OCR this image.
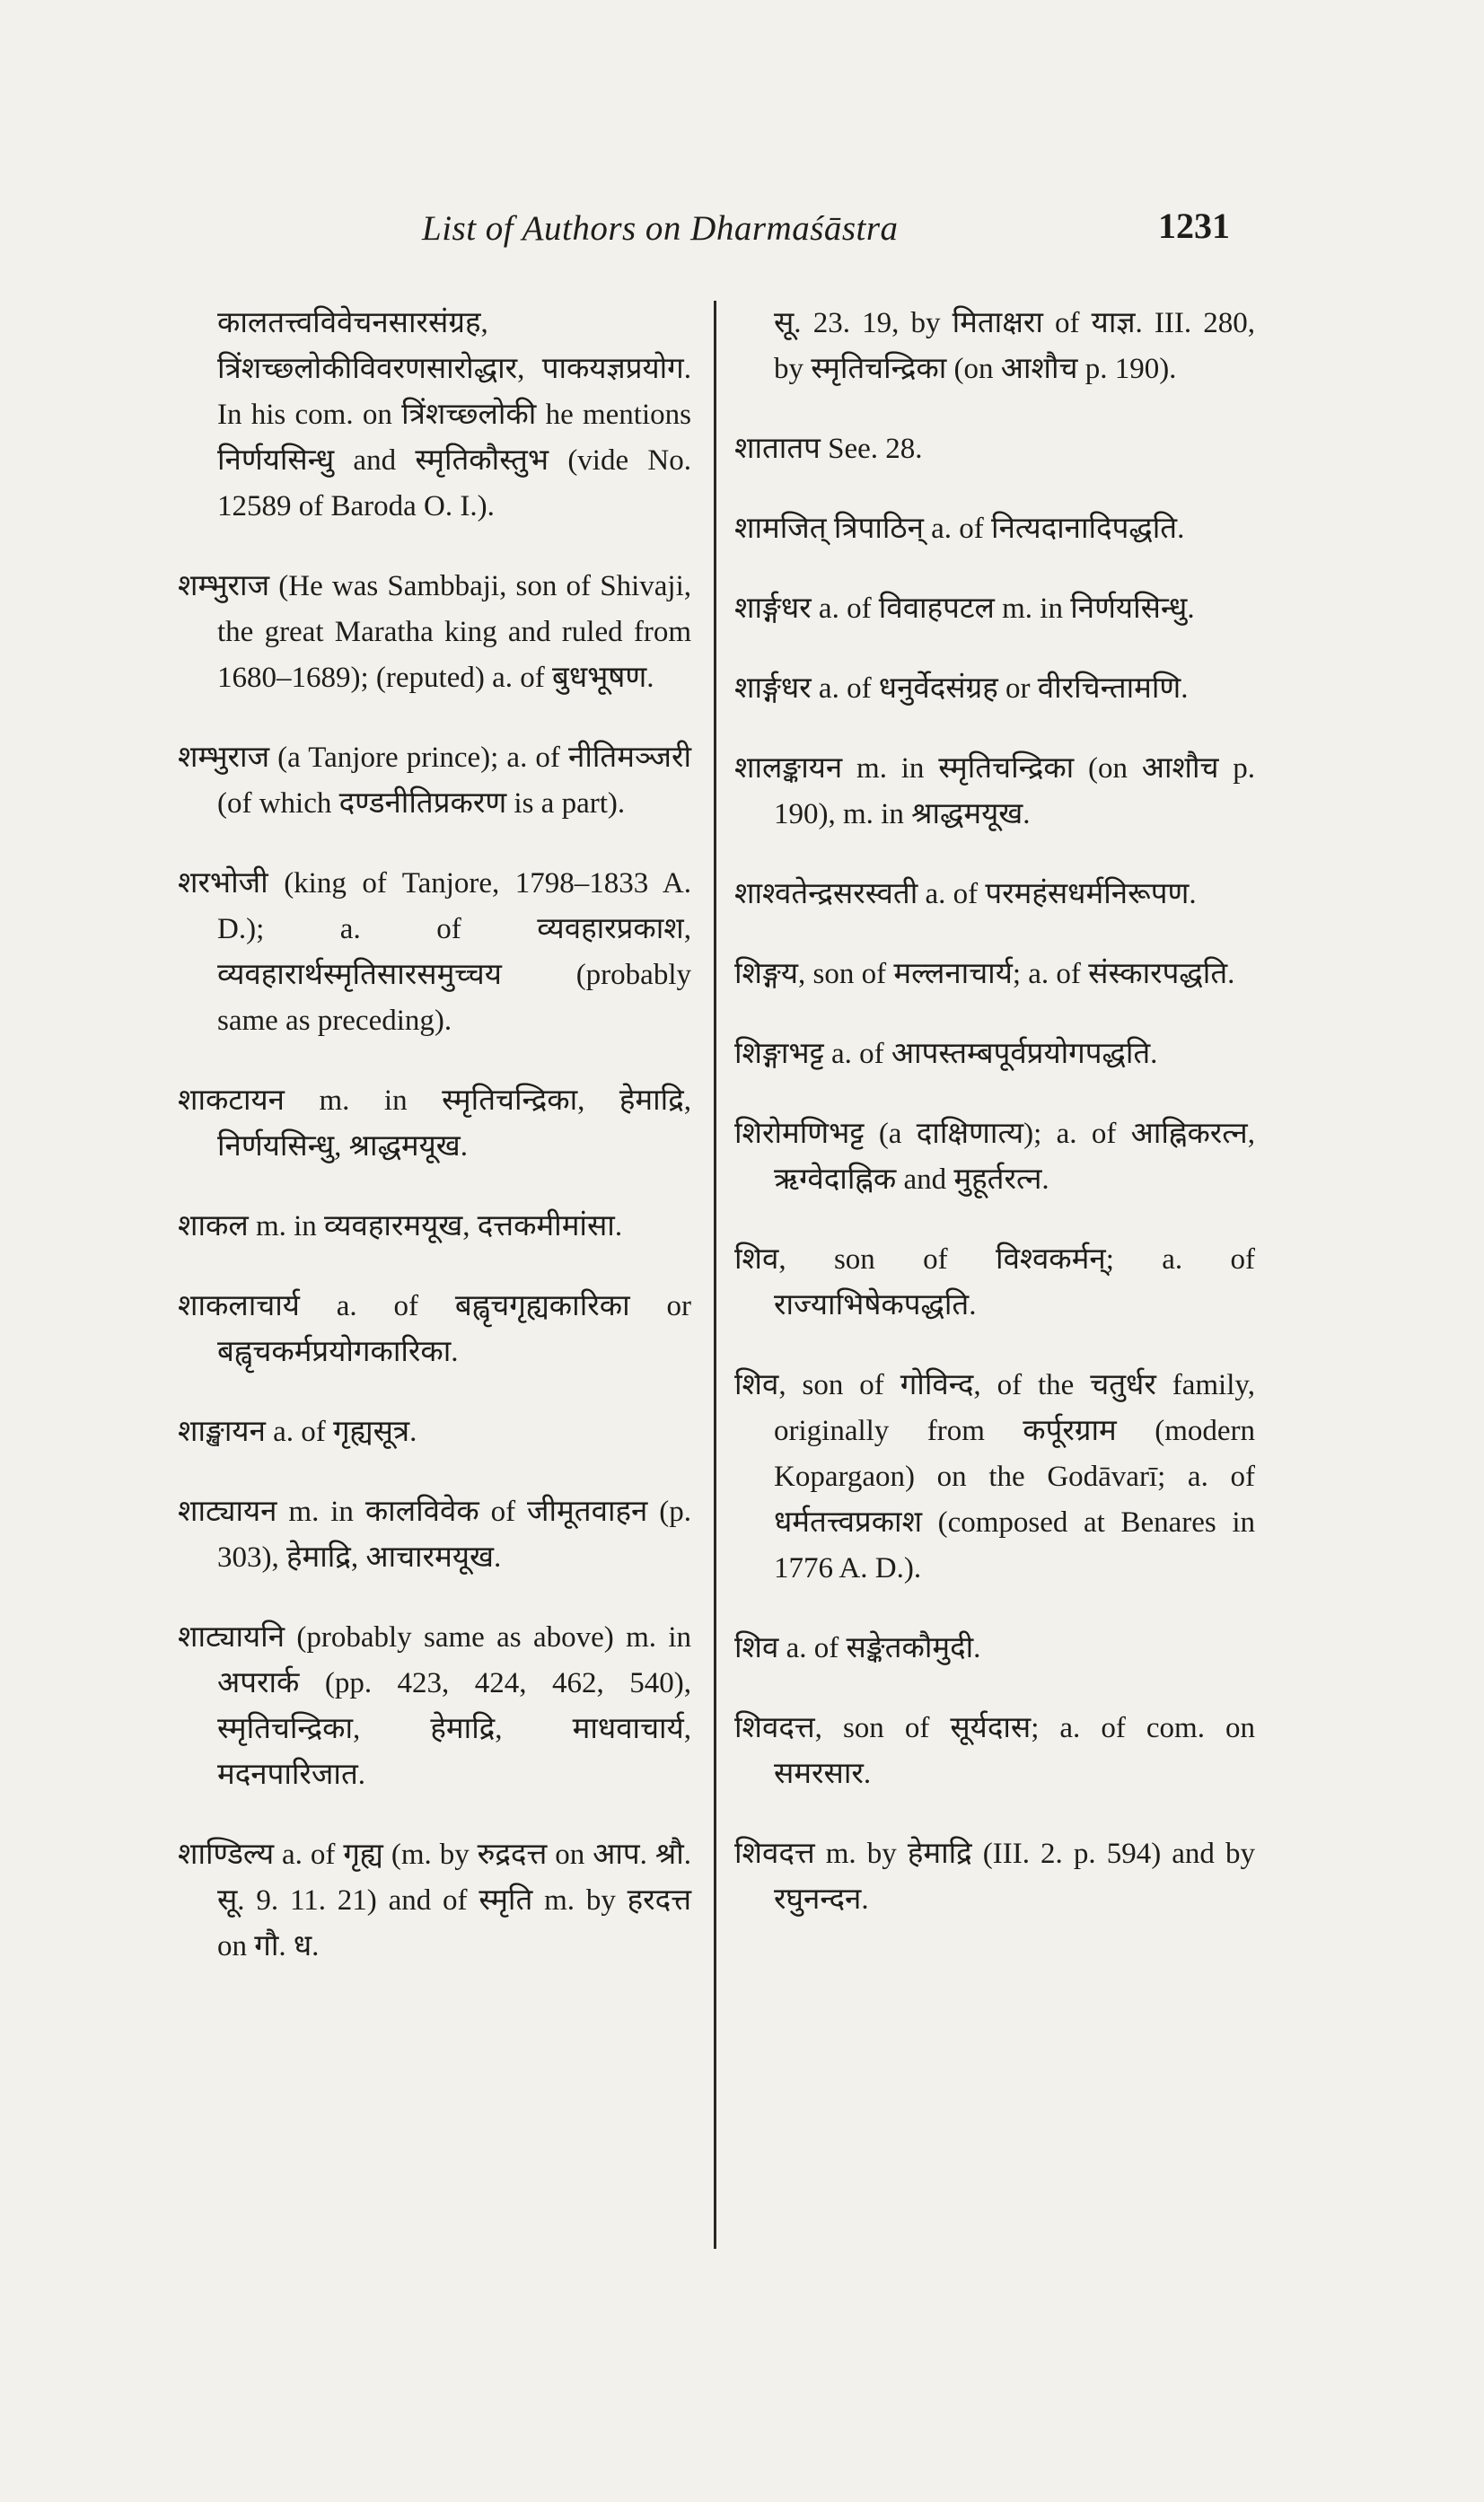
List of Authors on Dharmaśāstra	1231

कालतत्त्वविवेचनसारसंग्रह, त्रिंशच्छ्लोकीविवरणसारोद्धार, पाकयज्ञप्रयोग. In his com. on त्रिंशच्छ्लोकी he mentions निर्णयसिन्धु and स्मृतिकौस्तुभ (vide No. 12589 of Baroda O. I.).

शम्भुराज (He was Sambbaji, son of Shivaji, the great Maratha king and ruled from 1680–1689); (reputed) a. of बुधभूषण.

शम्भुराज (a Tanjore prince); a. of नीतिमञ्जरी (of which दण्डनीतिप्रकरण is a part).

शरभोजी (king of Tanjore, 1798–1833 A. D.); a. of व्यवहारप्रकाश, व्यवहारार्थस्मृतिसारसमुच्चय (probably same as preceding).

शाकटायन m. in स्मृतिचन्द्रिका, हेमाद्रि, निर्णयसिन्धु, श्राद्धमयूख.

शाकल m. in व्यवहारमयूख, दत्तकमीमांसा.

शाकलाचार्य a. of बह्वृचगृह्यकारिका or बह्वृचकर्मप्रयोगकारिका.

शाङ्खायन a. of गृह्यसूत्र.

शाट्यायन m. in कालविवेक of जीमूतवाहन (p. 303), हेमाद्रि, आचारमयूख.

शाट्यायनि (probably same as above) m. in अपरार्क (pp. 423, 424, 462, 540), स्मृतिचन्द्रिका, हेमाद्रि, माधवाचार्य, मदनपारिजात.

शाण्डिल्य a. of गृह्य (m. by रुद्रदत्त on आप. श्रौ. सू. 9. 11. 21) and of स्मृति m. by हरदत्त on गौ. ध.

सू. 23. 19, by मिताक्षरा of याज्ञ. III. 280, by स्मृतिचन्द्रिका (on आशौच p. 190).

शातातप See. 28.

शामजित् त्रिपाठिन् a. of नित्यदानादिपद्धति.

शार्ङ्गधर a. of विवाहपटल m. in निर्णयसिन्धु.

शार्ङ्गधर a. of धनुर्वेदसंग्रह or वीरचिन्तामणि.

शालङ्कायन m. in स्मृतिचन्द्रिका (on आशौच p. 190), m. in श्राद्धमयूख.

शाश्वतेन्द्रसरस्वती a. of परमहंसधर्मनिरूपण.

शिङ्गय, son of मल्लनाचार्य; a. of संस्कारपद्धति.

शिङ्गाभट्ट a. of आपस्तम्बपूर्वप्रयोगपद्धति.

शिरोमणिभट्ट (a दाक्षिणात्य); a. of आह्निकरत्न, ऋग्वेदाह्निक and मुहूर्तरत्न.

शिव, son of विश्वकर्मन्; a. of राज्याभिषेकपद्धति.

शिव, son of गोविन्द, of the चतुर्धर family, originally from कर्पूरग्राम (modern Kopargaon) on the Godāvarī; a. of धर्मतत्त्वप्रकाश (composed at Benares in 1776 A. D.).

शिव a. of सङ्केतकौमुदी.

शिवदत्त, son of सूर्यदास; a. of com. on समरसार.

शिवदत्त m. by हेमाद्रि (III. 2. p. 594) and by रघुनन्दन.
